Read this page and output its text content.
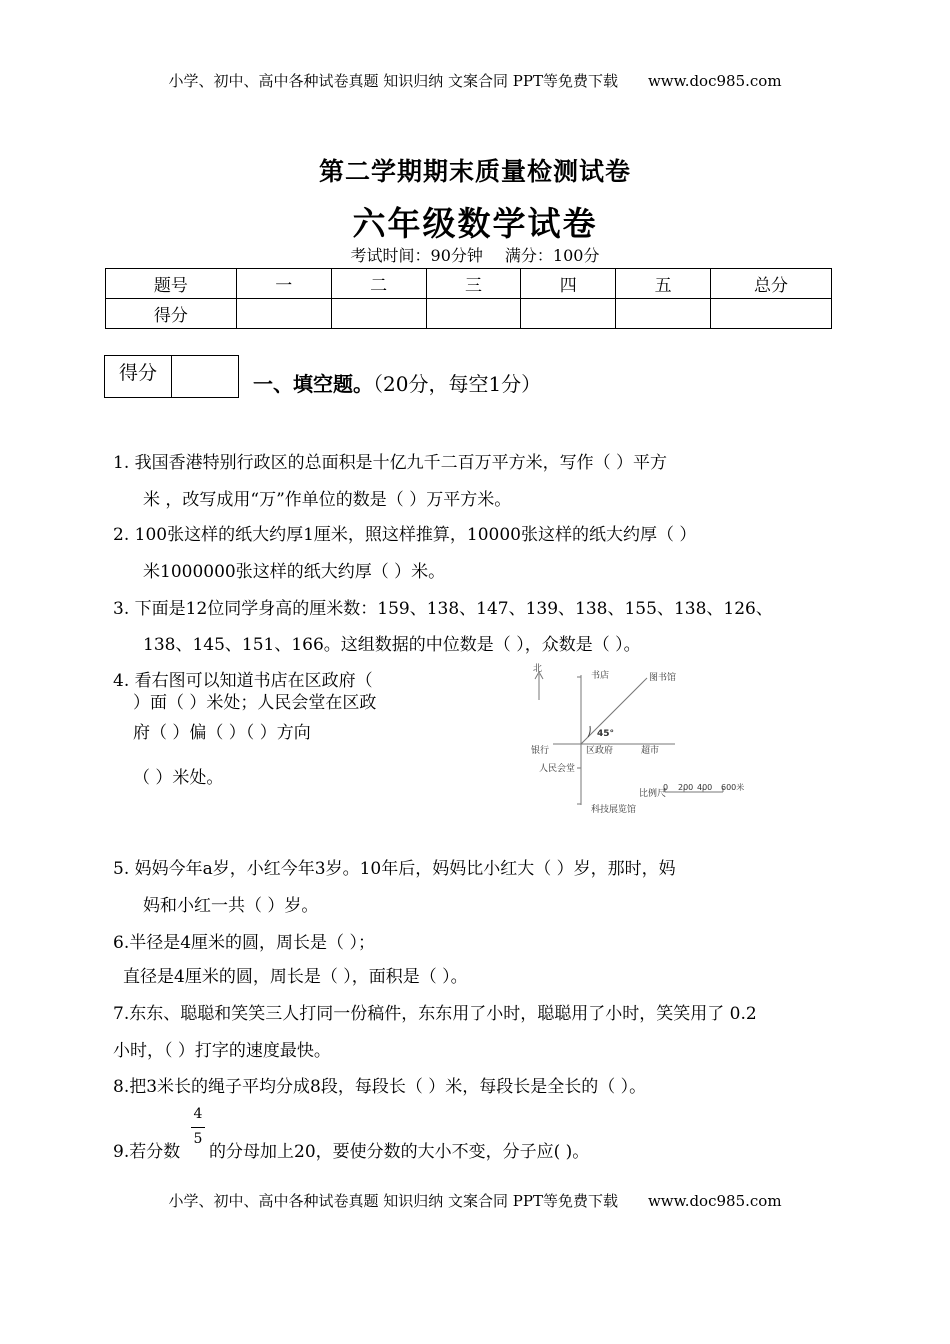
小学、初中、高中各种试卷真题 知识归纳 文案合同 PPT等免费下载 www.doc985.com
第二学期期末质量检测试卷
六年级数学试卷
考试时间：90分钟 满分：100分
题号	一	二	三	四	五	总分
得分						
得分	一、填空题。（20分，每空1分）
1. 我国香港特别行政区的总面积是十亿九千二百万平方米，写作（ ）平方
米 ，改写成用“万”作单位的数是（ ）万平方米。
2. 100张这样的纸大约厚1厘米，照这样推算，10000张这样的纸大约厚（ ）
米1000000张这样的纸大约厚（ ）米。
3. 下面是12位同学身高的厘米数：159、138、147、139、138、155、138、126、
138、145、151、166。这组数据的中位数是（ ），众数是（ ）。
4. 看右图可以知道书店在区政府（
）面（ ）米处；人民会堂在区政
府（ ）偏（ ）（ ）方向
（ ）米处。
北
书店	图书馆
45°
银行	区政府	超市
人民会堂
比例尺
0 200 400 600米
科技展览馆
5. 妈妈今年a岁，小红今年3岁。10年后，妈妈比小红大（ ）岁，那时，妈
妈和小红一共（ ）岁。
6.半径是4厘米的圆，周长是（ ）；
直径是4厘米的圆，周长是（ ），面积是（ ）。
7.东东、聪聪和笑笑三人打同一份稿件，东东用了小时，聪聪用了小时，笑笑用了 0.2
小时，（ ）打字的速度最快。
8.把3米长的绳子平均分成8段，每段长（ ）米，每段长是全长的（ ）。
9.若分数
4
5
的分母加上20，要使分数的大小不变，分子应( )。
小学、初中、高中各种试卷真题 知识归纳 文案合同 PPT等免费下载 www.doc985.com
